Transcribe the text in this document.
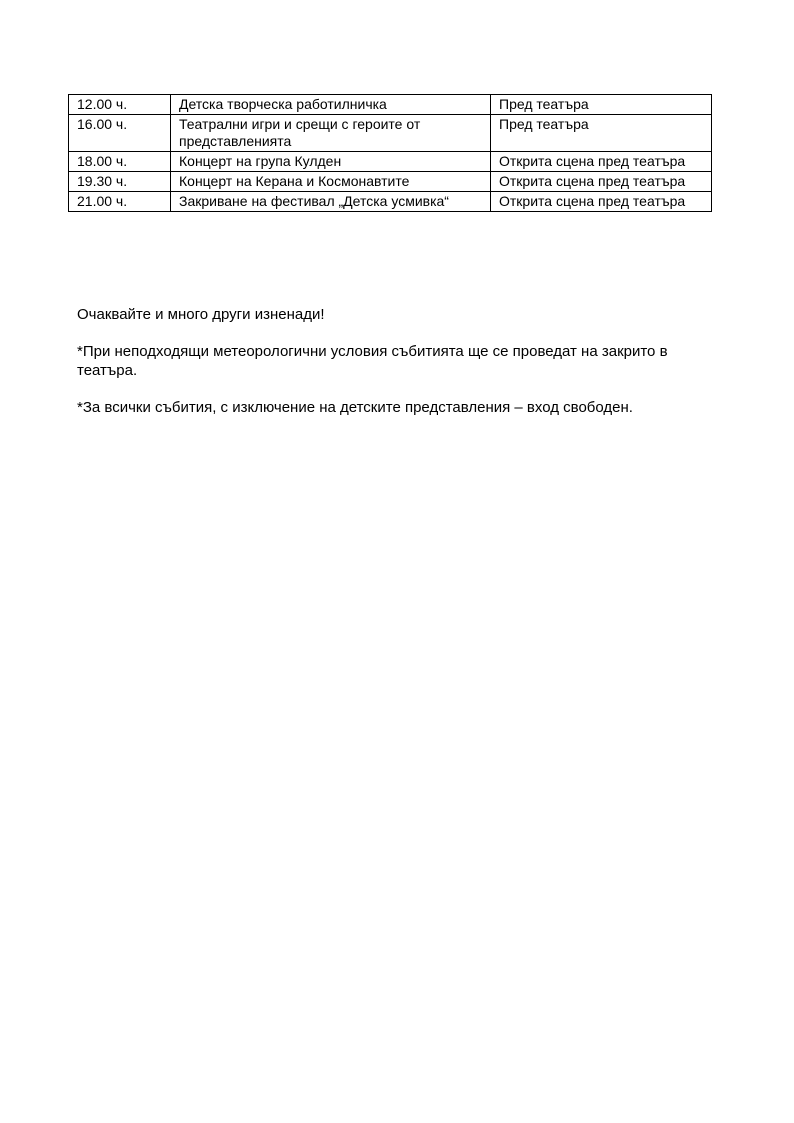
12.00 ч.	Детска творческа работилничка	Пред театъра
16.00 ч.	Театрални игри и срещи с героите от представленията	Пред театъра
18.00 ч.	Концерт на група Кулден	Открита сцена пред театъра
19.30 ч.	Концерт на Керана и Космонавтите	Открита сцена пред театъра
21.00 ч.	Закриване на фестивал „Детска усмивка“	Открита сцена пред театъра

Очаквайте и много други изненади!

*При неподходящи метеорологични условия събитията ще се проведат на закрито в театъра.

*За всички събития, с изключение на детските представления – вход свободен.
